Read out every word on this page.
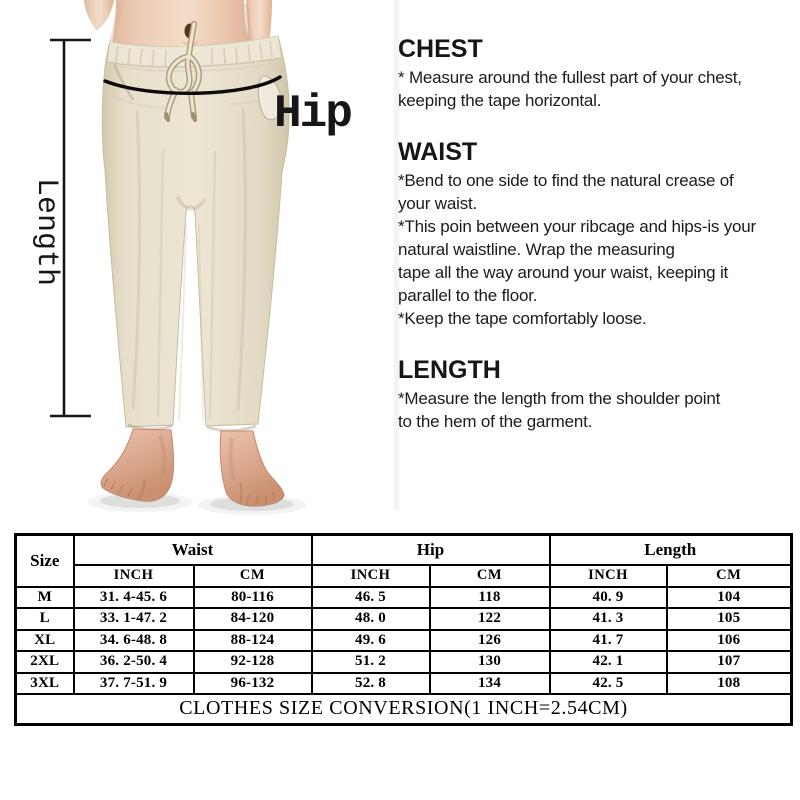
Hip
Length
CHEST
* Measure around the fullest part of your chest,
keeping the tape horizontal.
WAIST
*Bend to one side to find the natural crease of
your waist.
*This poin between your ribcage and hips-is your
natural waistline. Wrap the measuring
tape all the way around your waist, keeping it
parallel to the floor.
*Keep the tape comfortably loose.
LENGTH
*Measure the length from the shoulder point
to the hem of the garment.
Size	Waist		Hip		Length	
	INCH	CM	INCH	CM	INCH	CM
M	31. 4-45. 6	80-116	46. 5	118	40. 9	104
L	33. 1-47. 2	84-120	48. 0	122	41. 3	105
XL	34. 6-48. 8	88-124	49. 6	126	41. 7	106
2XL	36. 2-50. 4	92-128	51. 2	130	42. 1	107
3XL	37. 7-51. 9	96-132	52. 8	134	42. 5	108
CLOTHES SIZE CONVERSION(1 INCH=2.54CM)						
